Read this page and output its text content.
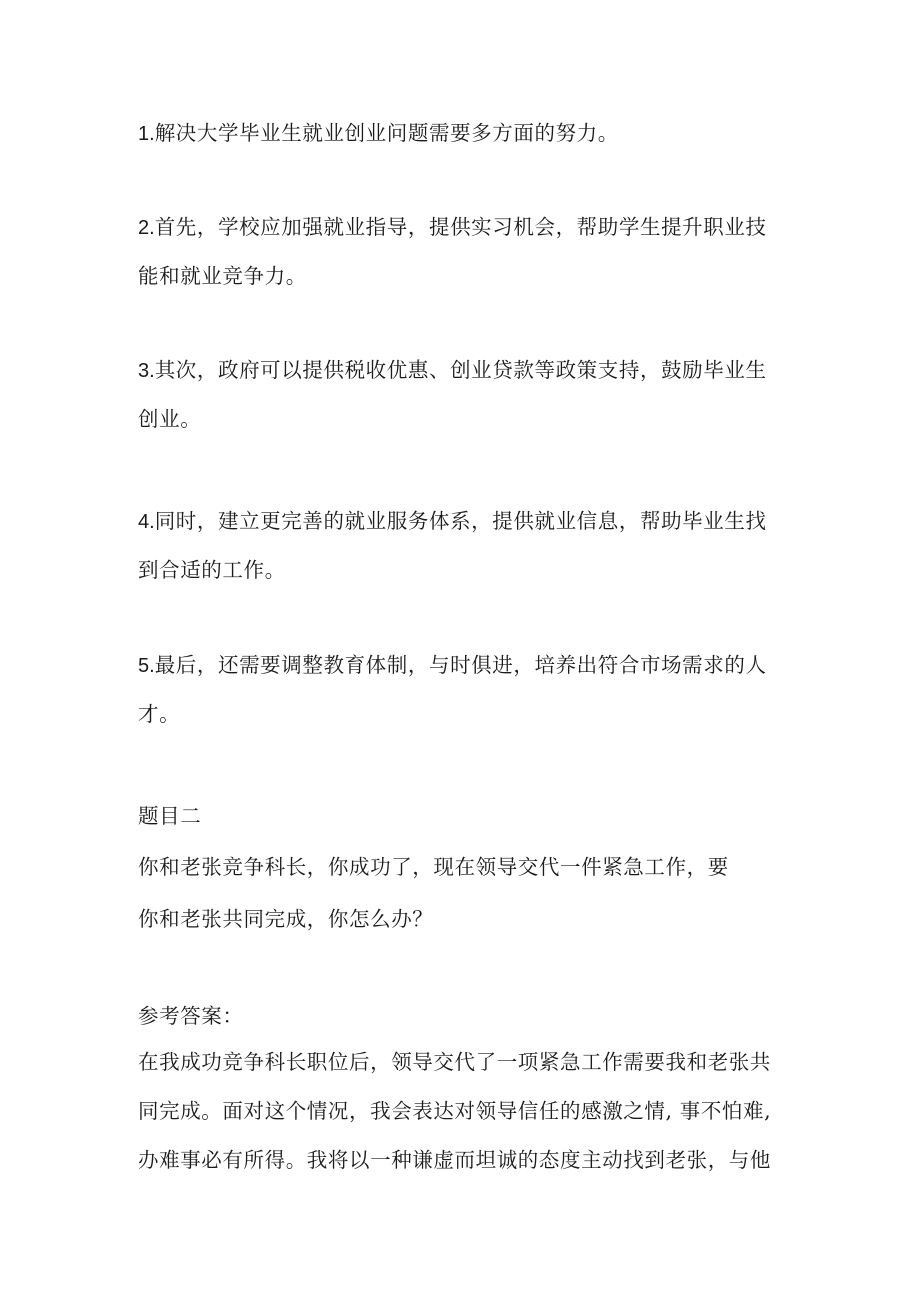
1.解决大学毕业生就业创业问题需要多方面的努力。
2.首先，学校应加强就业指导，提供实习机会，帮助学生提升职业技
能和就业竞争力。
3.其次，政府可以提供税收优惠、创业贷款等政策支持，鼓励毕业生
创业。
4.同时，建立更完善的就业服务体系，提供就业信息，帮助毕业生找
到合适的工作。
5.最后，还需要调整教育体制，与时俱进，培养出符合市场需求的人
才。
题目二
你和老张竞争科长，你成功了，现在领导交代一件紧急工作，要
你和老张共同完成，你怎么办？
参考答案：
在我成功竞争科长职位后，领导交代了一项紧急工作需要我和老张共
同完成。面对这个情况，我会表达对领导信任的感激之情, 事不怕难,
办难事必有所得。我将以一种谦虚而坦诚的态度主动找到老张，与他
